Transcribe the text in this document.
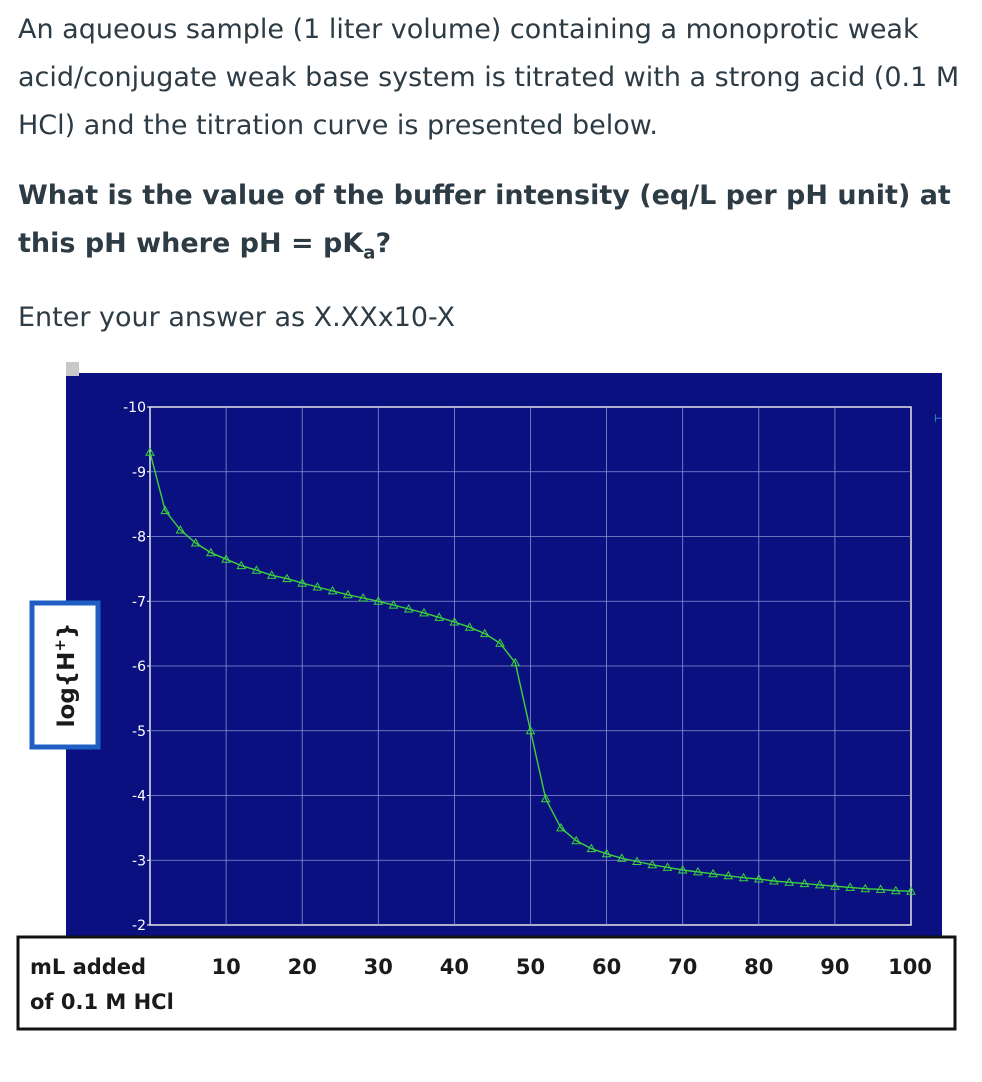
An aqueous sample (1 liter volume) containing a monoprotic weak acid/conjugate weak base system is titrated with a strong acid (0.1 M HCl) and the titration curve is presented below.

What is the value of the buffer intensity (eq/L per pH unit) at this pH where pH = $pK_a$?

Enter your answer as X.XXx10-X

-10
-9
-8
-7
-6
-5
-4
-3
-2
⊢
log{H+}
mL added
of 0.1 M HCl
10 20 30 40 50 60 70 80 90 100
